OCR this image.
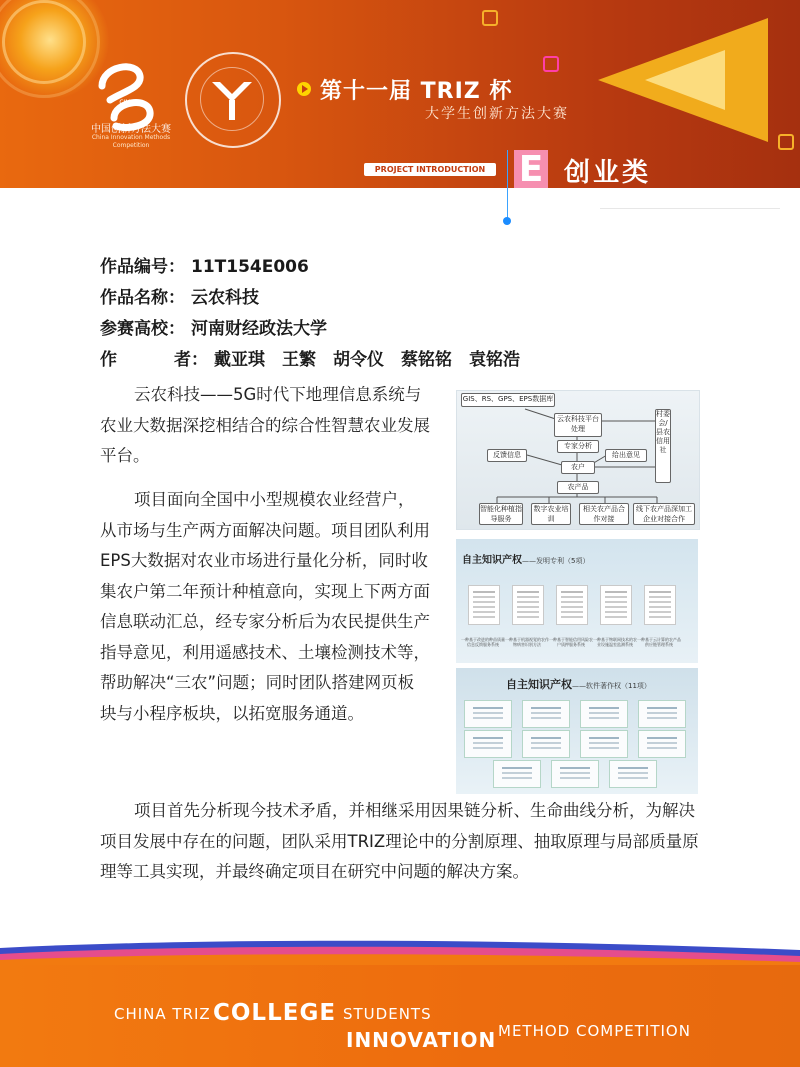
CIMC
中国创新方法大赛
China Innovation Methods Competition
第十一届 TRIZ 杯
大学生创新方法大赛
PROJECT INTRODUCTION E 创业类
作品编号： 11T154E006
作品名称： 云农科技
参赛高校： 河南财经政法大学
作	者： 戴亚琪　王繁　胡令仪　蔡铭铭　袁铭浩
云农科技——5G时代下地理信息系统与农业大数据深挖相结合的综合性智慧农业发展平台。
项目面向全国中小型规模农业经营户，从市场与生产两方面解决问题。项目团队利用EPS大数据对农业市场进行量化分析，同时收集农户第二年预计种植意向，实现上下两方面信息联动汇总，经专家分析后为农民提供生产指导意见，利用遥感技术、土壤检测技术等，帮助解决“三农”问题；同时团队搭建网页板块与小程序板块，以拓宽服务通道。
项目首先分析现今技术矛盾，并相继采用因果链分析、生命曲线分析，为解决项目发展中存在的问题，团队采用TRIZ理论中的分割原理、抽取原理与局部质量原理等工具实现，并最终确定项目在研究中问题的解决方案。
GIS、RS、GPS、EPS数据库
云农科技平台处理
专家分析
反馈信息	给出意见
农户
农产品
村委会/县农信用社
智能化种植指导服务
数字农业培训
相关农产品合作对接
线下农产品深加工企业对接合作
自主知识产权——发明专利（5项）
一种基于改进的种苗质量信息反馈服务系统
一种基于机器视觉的农作物病害识别方法
一种基于智能信用风险农户质押服务系统
一种基于物联网技术的农业设施温室监测系统
一种基于云计算的农产品供应链管理系统
自主知识产权——软件著作权（11项）
CHINA TRIZ COLLEGE STUDENTS
INNOVATION METHOD COMPETITION
